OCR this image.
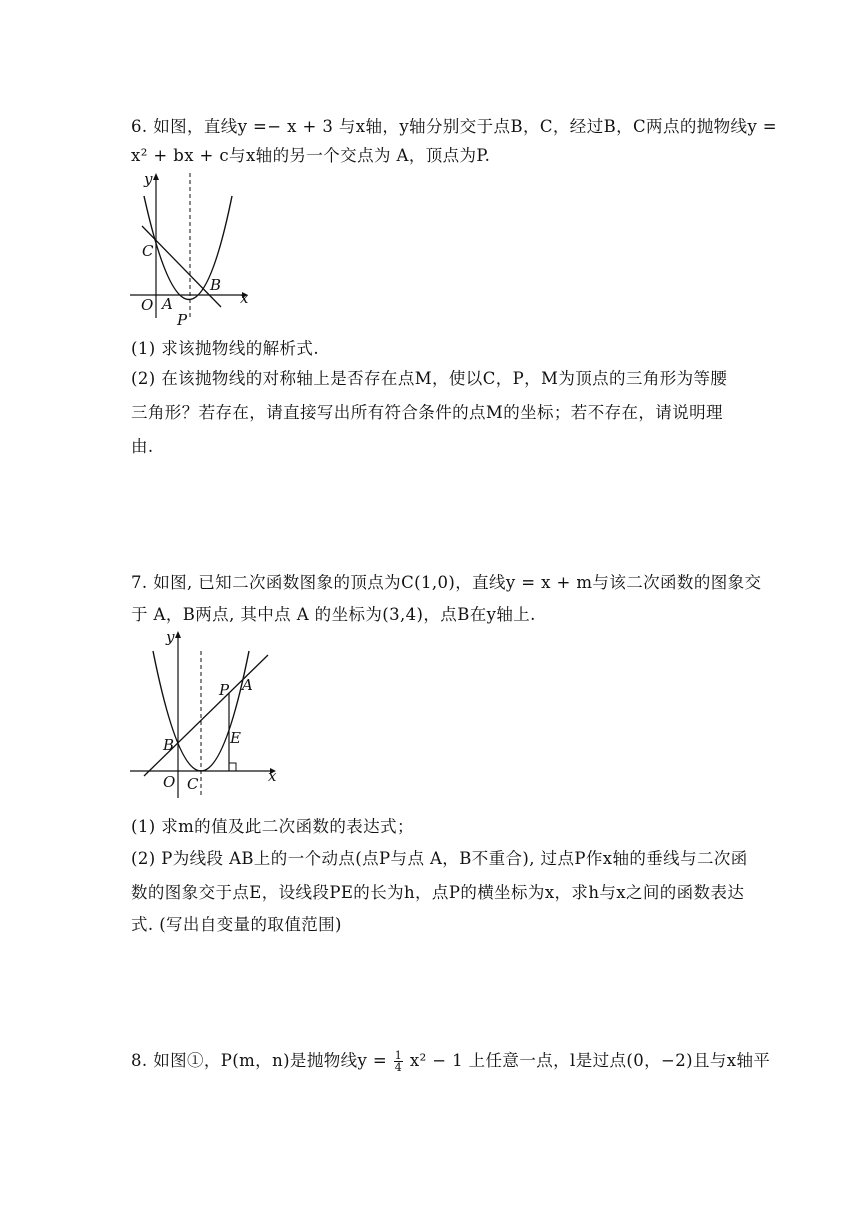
6. 如图，直线y =− x + 3 与x轴，y轴分别交于点B，C，经过B，C两点的抛物线y =
x² + bx + c与x轴的另一个交点为 A，顶点为P.
y
x
O A
B
C
P
(1) 求该抛物线的解析式.
(2) 在该抛物线的对称轴上是否存在点M，使以C，P，M为顶点的三角形为等腰
三角形？若存在，请直接写出所有符合条件的点M的坐标；若不存在，请说明理
由.
7. 如图, 已知二次函数图象的顶点为C(1,0)，直线y = x + m与该二次函数的图象交
于 A，B两点, 其中点 A 的坐标为(3,4)，点B在y轴上.
y
x
O C
B
P A
E
(1) 求m的值及此二次函数的表达式；
(2) P为线段 AB上的一个动点(点P与点 A，B不重合), 过点P作x轴的垂线与二次函
数的图象交于点E，设线段PE的长为h，点P的横坐标为x，求h与x之间的函数表达
式. (写出自变量的取值范围)
8. 如图①，P(m，n)是抛物线$y = \frac{1}{4} x^2 - 1$ 上任意一点，l是过点(0，−2)且与x轴平
